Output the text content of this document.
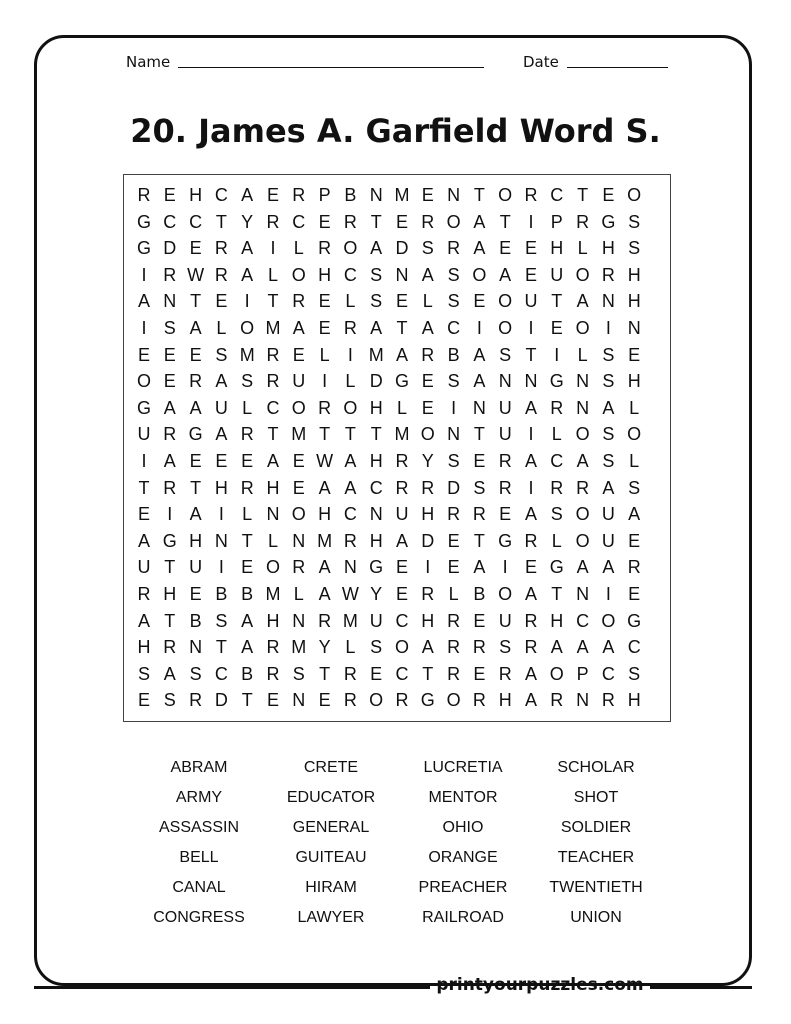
Name	Date
20. James A. Garfield Word S.
R E H C A E R P B N M E N T O R C T E O
G C C T Y R C E R T E R O A T I P R G S
G D E R A I	L R O A D S R A E E H L H S
I R W R A L O H C S N A S O A E U O R H
A N T E I T R E L S E L S E O U T A N H
I S A L O M A E R A T A C I O I E O I N
E E E S M R E L	I M A R B A S T I	L S E
O E R A S R U I	L D G E S A N N G N S H
G A A U L C O R O H L E I N U A R N A L
U R G A R T M T T T M O N T U I	L O S O
I A E E E A E W A H R Y S E R A C A S L
T R T H R H E A A C R R D S R I R R A S
E I A I	L N O H C N U H R R E A S O U A
A G H N T L N M R H A D E T G R L O U E
U T U I E O R A N G E I E A I E G A A R
R H E B B M L A W Y E R L B O A T N I E
A T B S A H N R M U C H R E U R H C O G
H R N T A R M Y L S O A R R S R A A A C
S A S C B R S T R E C T R E R A O P C S
E S R D T E N E R O R G O R H A R N R H
ABRAM	CRETE	LUCRETIA	SCHOLAR
ARMY	EDUCATOR	MENTOR	SHOT
ASSASSIN	GENERAL	OHIO	SOLDIER
BELL	GUITEAU	ORANGE	TEACHER
CANAL	HIRAM	PREACHER	TWENTIETH
CONGRESS	LAWYER	RAILROAD	UNION
printyourpuzzles.com
